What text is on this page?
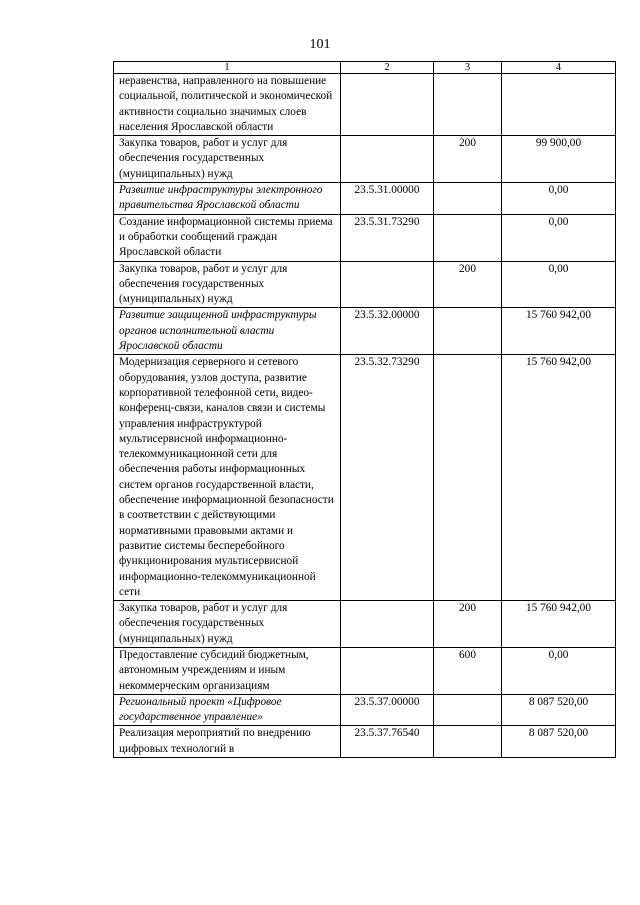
101
1	2	3	4
неравенства, направленного на повышение социальной, политической и экономической активности социально значимых слоев населения Ярославской области			
Закупка товаров, работ и услуг для обеспечения государственных (муниципальных) нужд		200	99 900,00
Развитие инфраструктуры электронного правительства Ярославской области	23.5.31.00000		0,00
Создание информационной системы приема и обработки сообщений граждан Ярославской области	23.5.31.73290		0,00
Закупка товаров, работ и услуг для обеспечения государственных (муниципальных) нужд		200	0,00
Развитие защищенной инфраструктуры органов исполнительной власти Ярославской области	23.5.32.00000		15 760 942,00
Модернизация серверного и сетевого оборудования, узлов доступа, развитие корпоративной телефонной сети, видео-конференц-связи, каналов связи и системы управления инфраструктурой мультисервисной информационно-телекоммуникационной сети для обеспечения работы информационных систем органов государственной власти, обеспечение информационной безопасности в соответствии с действующими нормативными правовыми актами и развитие системы бесперебойного функционирования мультисервисной информационно-телекоммуникационной сети	23.5.32.73290		15 760 942,00
Закупка товаров, работ и услуг для обеспечения государственных (муниципальных) нужд		200	15 760 942,00
Предоставление субсидий бюджетным, автономным учреждениям и иным некоммерческим организациям		600	0,00
Региональный проект «Цифровое государственное управление»	23.5.37.00000		8 087 520,00
Реализация мероприятий по внедрению цифровых технологий в	23.5.37.76540		8 087 520,00
